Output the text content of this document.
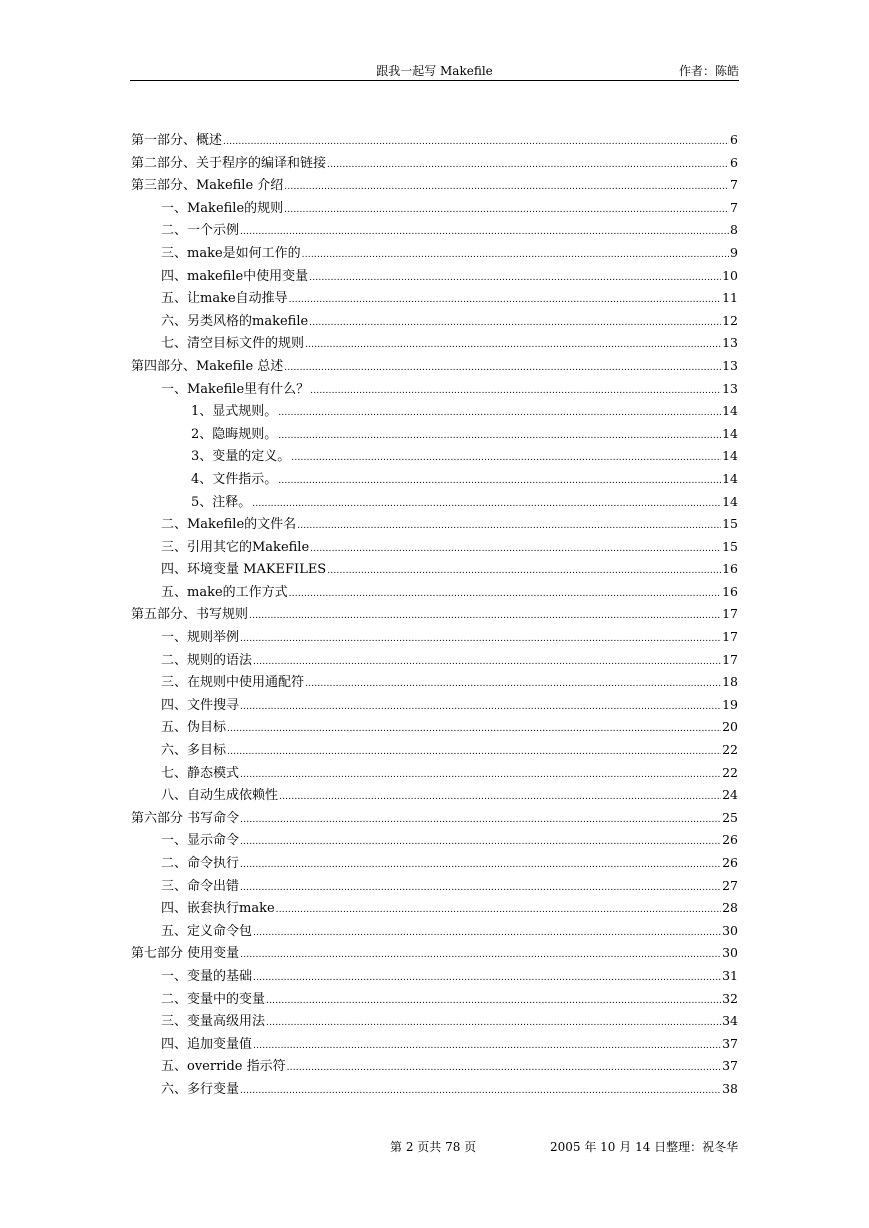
跟我一起写 Makefile	作者：陈皓
第一部分、概述 .....	6
第二部分、关于程序的编译和链接 .....	6
第三部分、Makefile 介绍 .....	7
一、Makefile的规则 .....	7
二、一个示例 .....	8
三、make是如何工作的 .....	9
四、makefile中使用变量 .....	10
五、让make自动推导 .....	11
六、另类风格的makefile .....	12
七、清空目标文件的规则 .....	13
第四部分、Makefile 总述 .....	13
一、Makefile里有什么？ .....	13
1、显式规则。 .....	14
2、隐晦规则。 .....	14
3、变量的定义。 .....	14
4、文件指示。 .....	14
5、注释。 .....	14
二、Makefile的文件名 .....	15
三、引用其它的Makefile .....	15
四、环境变量 MAKEFILES .....	16
五、make的工作方式 .....	16
第五部分、书写规则 .....	17
一、规则举例 .....	17
二、规则的语法 .....	17
三、在规则中使用通配符 .....	18
四、文件搜寻 .....	19
五、伪目标 .....	20
六、多目标 .....	22
七、静态模式 .....	22
八、自动生成依赖性 .....	24
第六部分 书写命令 .....	25
一、显示命令 .....	26
二、命令执行 .....	26
三、命令出错 .....	27
四、嵌套执行make .....	28
五、定义命令包 .....	30
第七部分 使用变量 .....	30
一、变量的基础 .....	31
二、变量中的变量 .....	32
三、变量高级用法 .....	34
四、追加变量值 .....	37
五、override 指示符 .....	37
六、多行变量 .....	38
第 2 页共 78 页	2005 年 10 月 14 日整理：祝冬华
